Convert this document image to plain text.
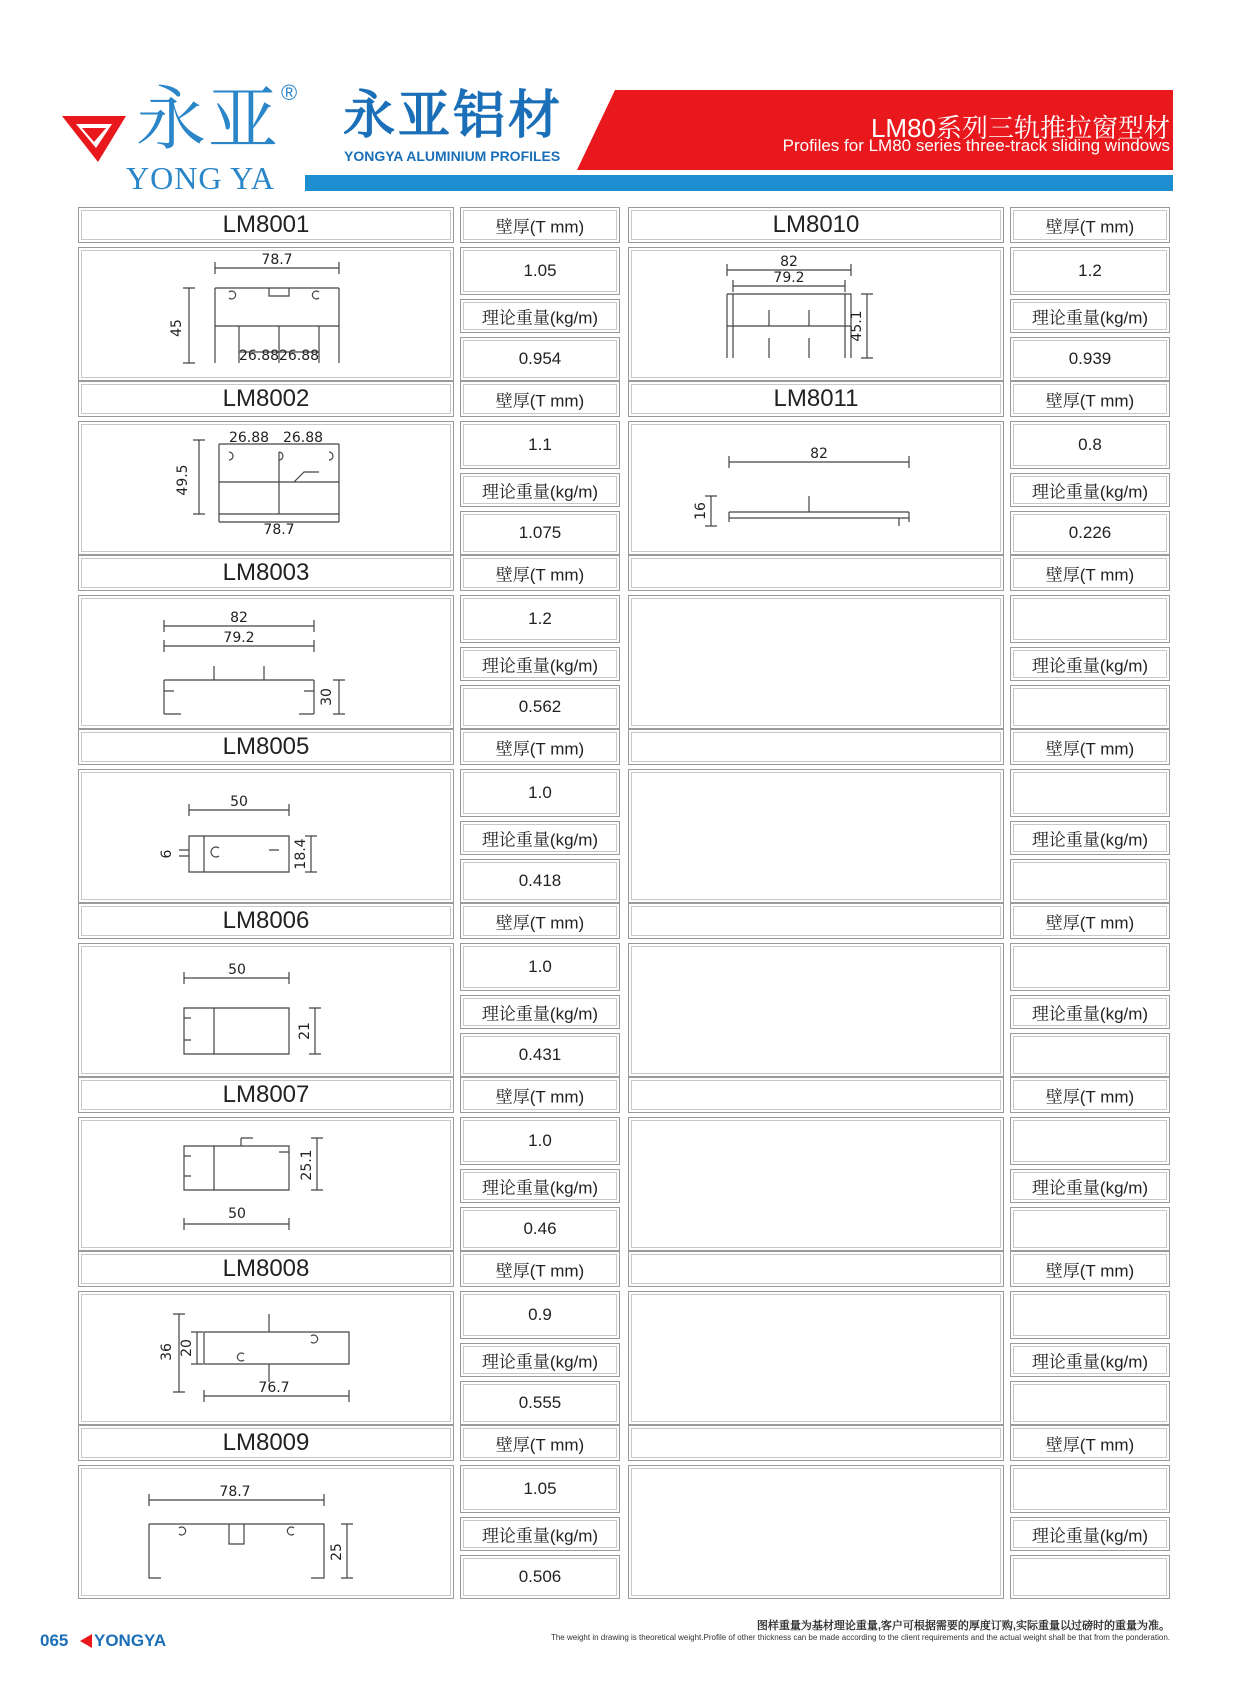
永亚 ®
YONG YA
永亚铝材
YONGYA ALUMINIUM PROFILES
LM80系列三轨推拉窗型材
Profiles for LM80 series three-track sliding windows
LM8001	壁厚(T mm)
78.7
45
26.88 26.88
1.05
理论重量(kg/m)
0.954
LM8010	壁厚(T mm)
82
79.2
45.1
1.2
理论重量(kg/m)
0.939
LM8002	壁厚(T mm)
26.88 26.88
49.5
78.7
1.1
理论重量(kg/m)
1.075
LM8011	壁厚(T mm)
82
16
0.8
理论重量(kg/m)
0.226
LM8003	壁厚(T mm)
82
79.2
30
1.2
理论重量(kg/m)
0.562
壁厚(T mm)
理论重量(kg/m)
LM8005	壁厚(T mm)
50
6	18.4
1.0
理论重量(kg/m)
0.418
壁厚(T mm)
理论重量(kg/m)
LM8006	壁厚(T mm)
50
21
1.0
理论重量(kg/m)
0.431
壁厚(T mm)
理论重量(kg/m)
LM8007	壁厚(T mm)
25.1
50
1.0
理论重量(kg/m)
0.46
壁厚(T mm)
理论重量(kg/m)
LM8008	壁厚(T mm)
36 20
76.7
0.9
理论重量(kg/m)
0.555
壁厚(T mm)
理论重量(kg/m)
LM8009	壁厚(T mm)
78.7
25
1.05
理论重量(kg/m)
0.506
壁厚(T mm)
理论重量(kg/m)
065 YONGYA
图样重量为基材理论重量,客户可根据需要的厚度订购,实际重量以过磅时的重量为准。
The weight in drawing is theoretical weight.Profile of other thickness can be made according to the client requirements and the actual weight shall be that from the ponderation.
